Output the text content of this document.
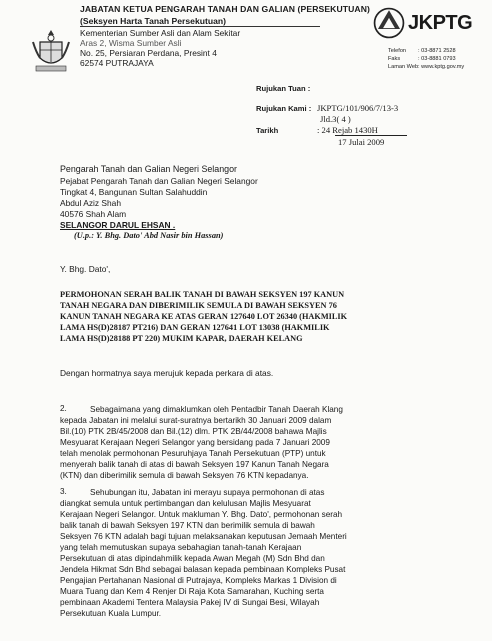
JABATAN KETUA PENGARAH TANAH DAN GALIAN (PERSEKUTUAN)
(Seksyen Harta Tanah Persekutuan)
Kementerian Sumber Asli dan Alam Sekitar
Aras 2, Wisma Sumber Asli
No. 25, Persiaran Perdana, Presint 4
62574 PUTRAJAYA
JKPTG
Telefon : 03-8871 2528
Faks	: 03-8881 0793
Laman Web : www.kptg.gov.my
Rujukan Tuan :
Rujukan Kami : JKPTG/101/906/7/13-3
Jld.3( 4 )
Tarikh	: 24 Rejab 1430H
17 Julai 2009
Pengarah Tanah dan Galian Negeri Selangor
Pejabat Pengarah Tanah dan Galian Negeri Selangor
Tingkat 4, Bangunan Sultan Salahuddin
Abdul Aziz Shah
40576 Shah Alam
SELANGOR DARUL EHSAN .
(U.p.: Y. Bhg. Dato' Abd Nasir bin Hassan)
Y. Bhg. Dato',
PERMOHONAN SERAH BALIK TANAH DI BAWAH SEKSYEN 197 KANUN
TANAH NEGARA DAN DIBERIMILIK SEMULA DI BAWAH SEKSYEN 76
KANUN TANAH NEGARA KE ATAS GERAN 127640 LOT 26340 (HAKMILIK
LAMA HS(D)28187 PT216) DAN GERAN 127641 LOT 13038 (HAKMILIK
LAMA HS(D)28188 PT 220) MUKIM KAPAR, DAERAH KELANG
Dengan hormatnya saya merujuk kepada perkara di atas.
2.	Sebagaimana yang dimaklumkan oleh Pentadbir Tanah Daerah Klang
kepada Jabatan ini melalui surat-suratnya bertarikh 30 Januari 2009 dalam
Bil.(10) PTK 2B/45/2008 dan Bil.(12) dlm. PTK 2B/44/2008 bahawa Majlis
Mesyuarat Kerajaan Negeri Selangor yang bersidang pada 7 Januari 2009
telah menolak permohonan Pesuruhjaya Tanah Persekutuan (PTP) untuk
menyerah balik tanah di atas di bawah Seksyen 197 Kanun Tanah Negara
(KTN) dan diberimilik semula di bawah Seksyen 76 KTN kepadanya.
3.	Sehubungan itu, Jabatan ini merayu supaya permohonan di atas
diangkat semula untuk pertimbangan dan kelulusan Majlis Mesyuarat
Kerajaan Negeri Selangor. Untuk makluman Y. Bhg. Dato', permohonan serah
balik tanah di bawah Seksyen 197 KTN dan berimilik semula di bawah
Seksyen 76 KTN adalah bagi tujuan melaksanakan keputusan Jemaah Menteri
yang telah memutuskan supaya sebahagian tanah-tanah Kerajaan
Persekutuan di atas dipindahmilik kepada Awan Megah (M) Sdn Bhd dan
Jendela Hikmat Sdn Bhd sebagai balasan kepada pembinaan Kompleks Pusat
Pengajian Pertahanan Nasional di Putrajaya, Kompleks Markas 1 Division di
Muara Tuang dan Kem 4 Renjer Di Raja Kota Samarahan, Kuching serta
pembinaan Akademi Tentera Malaysia Pakej IV di Sungai Besi, Wilayah
Persekutuan Kuala Lumpur.
